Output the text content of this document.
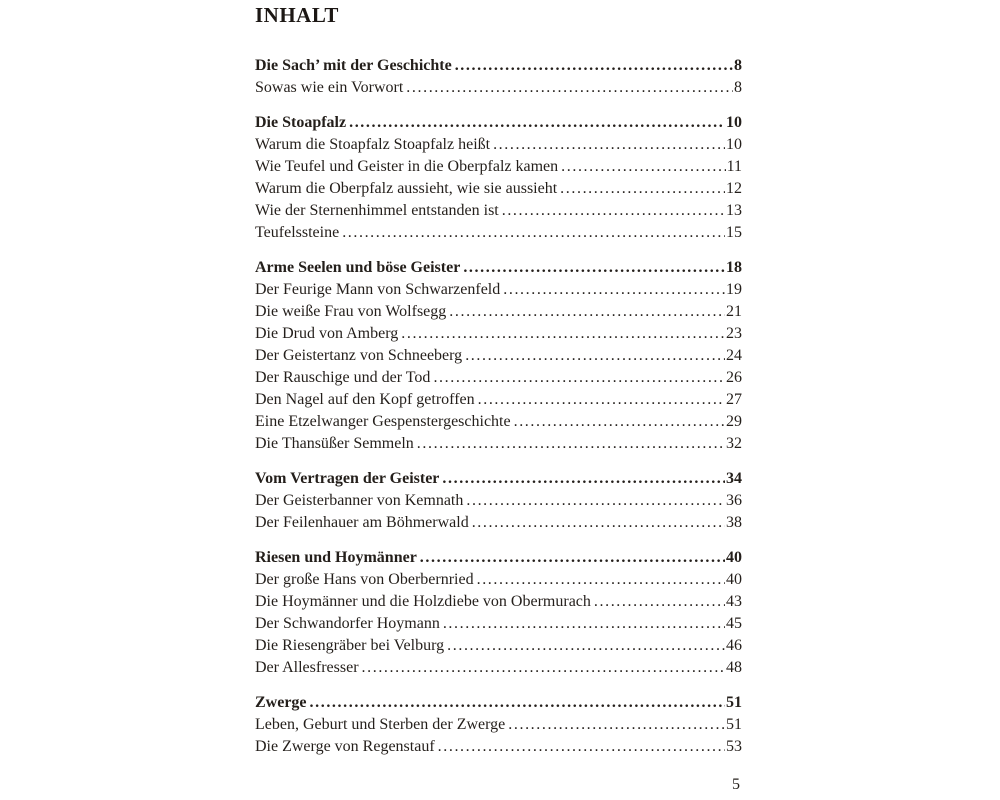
INHALT
Die Sach’ mit der Geschichte .....	8
Sowas wie ein Vorwort .....	8
Die Stoapfalz .....	10
Warum die Stoapfalz Stoapfalz heißt .....	10
Wie Teufel und Geister in die Oberpfalz kamen .....	11
Warum die Oberpfalz aussieht, wie sie aussieht .....	12
Wie der Sternenhimmel entstanden ist .....	13
Teufelssteine .....	15
Arme Seelen und böse Geister .....	18
Der Feurige Mann von Schwarzenfeld .....	19
Die weiße Frau von Wolfsegg .....	21
Die Drud von Amberg .....	23
Der Geistertanz von Schneeberg .....	24
Der Rauschige und der Tod .....	26
Den Nagel auf den Kopf getroffen .....	27
Eine Etzelwanger Gespenstergeschichte .....	29
Die Thansüßer Semmeln .....	32
Vom Vertragen der Geister .....	34
Der Geisterbanner von Kemnath .....	36
Der Feilenhauer am Böhmerwald .....	38
Riesen und Hoymänner .....	40
Der große Hans von Oberbernried .....	40
Die Hoymänner und die Holzdiebe von Obermurach .....	43
Der Schwandorfer Hoymann .....	45
Die Riesengräber bei Velburg .....	46
Der Allesfresser .....	48
Zwerge .....	51
Leben, Geburt und Sterben der Zwerge .....	51
Die Zwerge von Regenstauf .....	53
5
